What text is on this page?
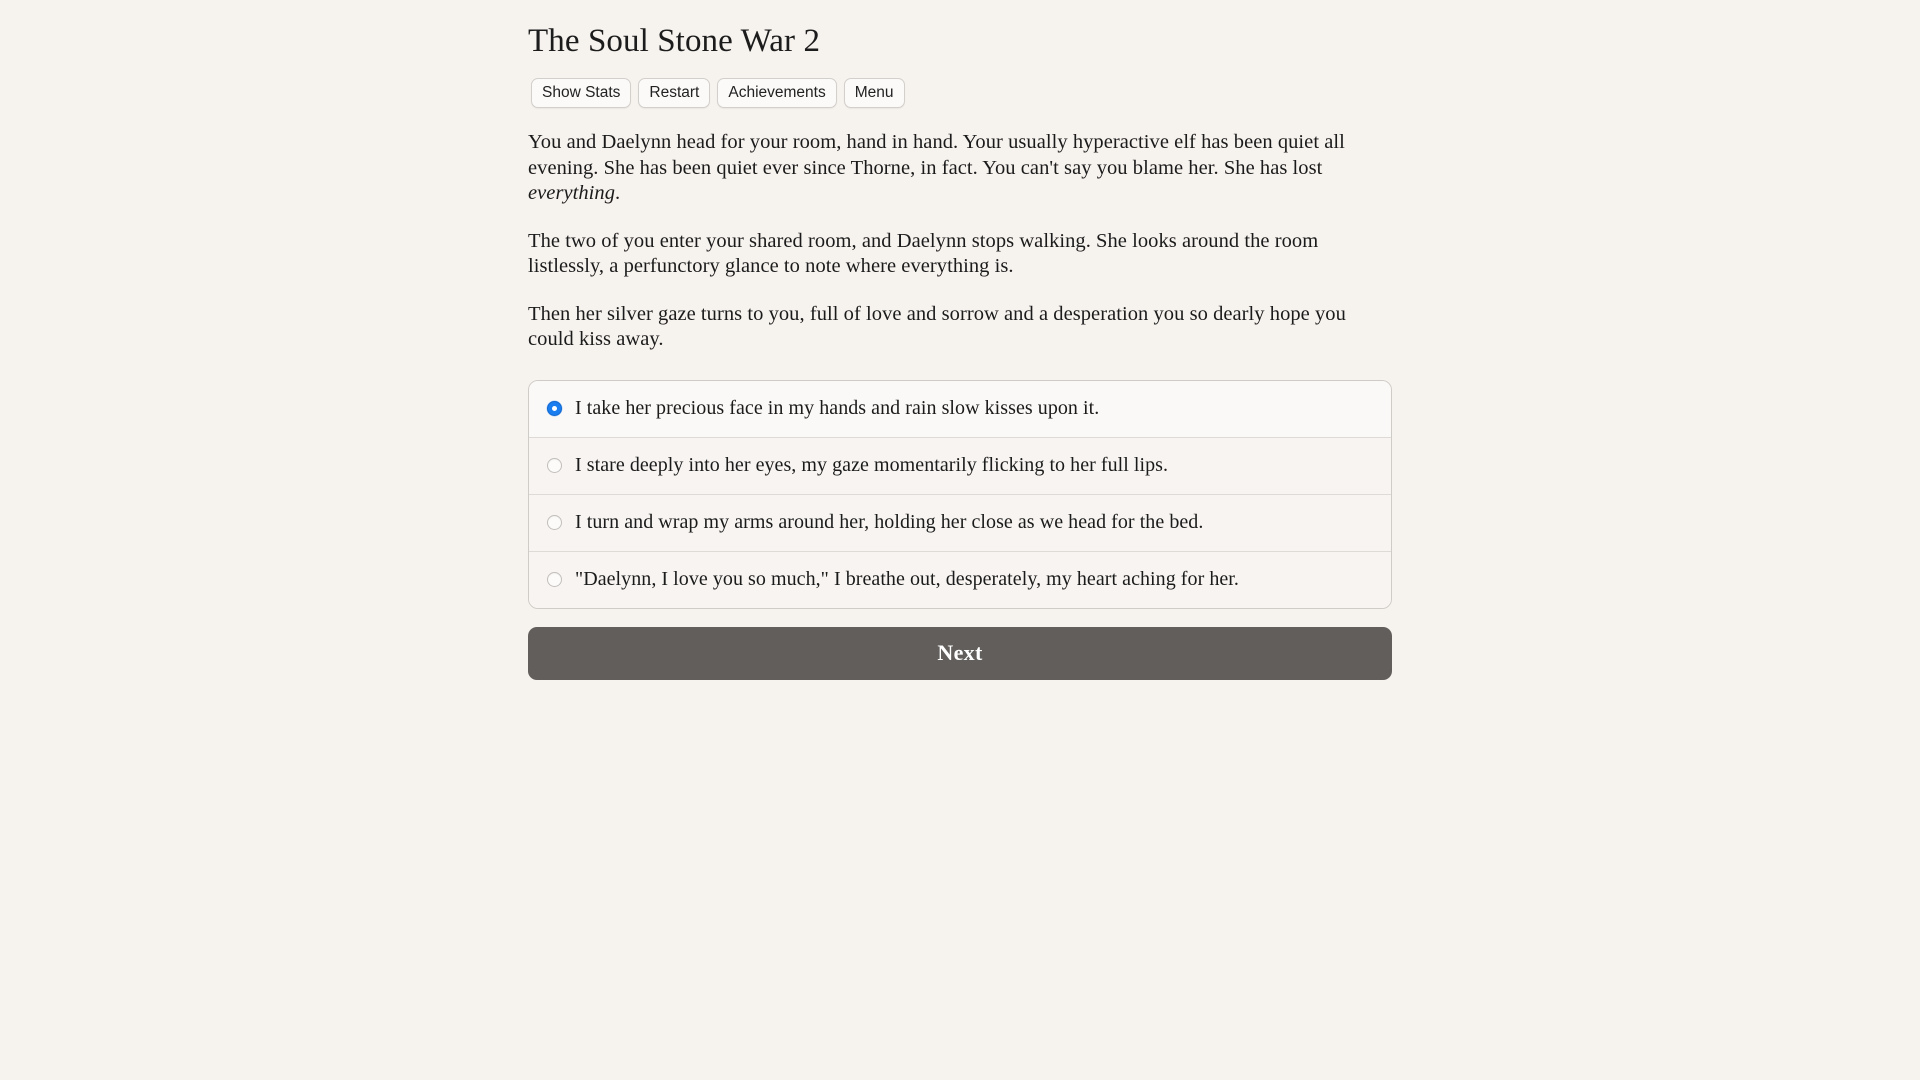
The Soul Stone War 2
Show Stats	Restart	Achievements	Menu

You and Daelynn head for your room, hand in hand. Your usually hyperactive elf has been quiet all evening. She has been quiet ever since Thorne, in fact. You can't say you blame her. She has lost everything.

The two of you enter your shared room, and Daelynn stops walking. She looks around the room listlessly, a perfunctory glance to note where everything is.

Then her silver gaze turns to you, full of love and sorrow and a desperation you so dearly hope you could kiss away.

I take her precious face in my hands and rain slow kisses upon it.
I stare deeply into her eyes, my gaze momentarily flicking to her full lips.
I turn and wrap my arms around her, holding her close as we head for the bed.
"Daelynn, I love you so much," I breathe out, desperately, my heart aching for her.
Next
